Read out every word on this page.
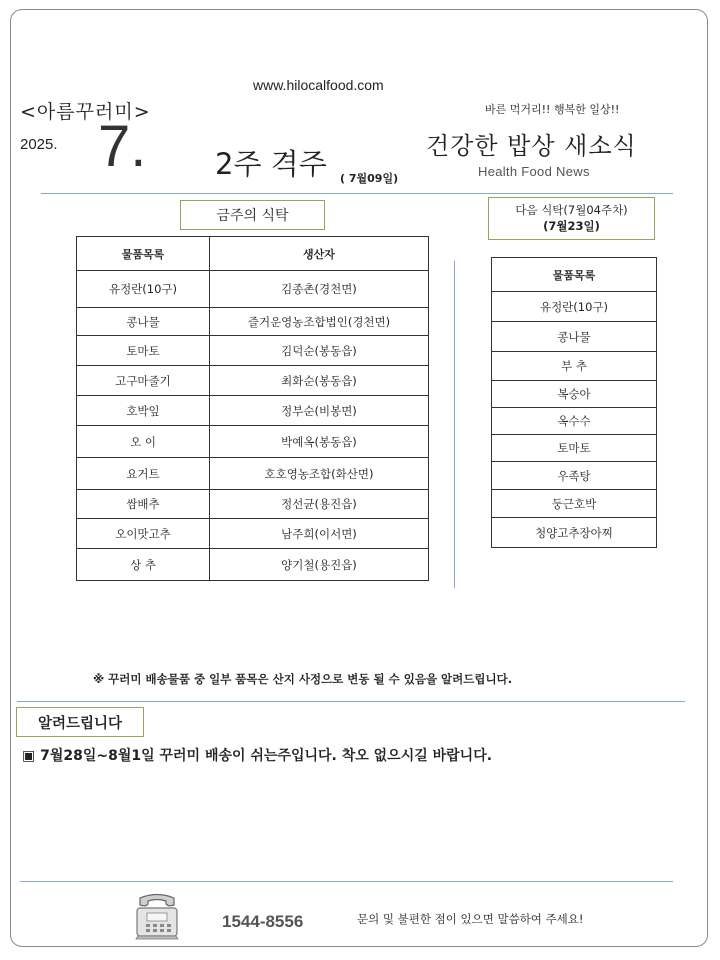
www.hilocalfood.com
<아름꾸러미>
2025. 7. 2주 격주 ( 7월09일)
바른 먹거리!! 행복한 일상!!
건강한 밥상 새소식
Health Food News
금주의 식탁	다음 식탁(7월04주차)
(7월23일)
물품목록	생산자
유정란(10구)	김종촌(경천면)
콩나물	즐거운영농조합법인(경천면)
토마토	김덕순(봉동읍)
고구마줄기	최화순(봉동읍)
호박잎	정부순(비봉면)
오 이	박예옥(봉동읍)
요거트	호호영농조합(화산면)
쌈배추	정선균(용진읍)
오이맛고추	남주희(이서면)
상 추	양기철(용진읍)
물품목록
유정란(10구)
콩나물
부 추
복숭아
옥수수
토마토
우족탕
둥근호박
청양고추장아찌
※ 꾸러미 배송물품 중 일부 품목은 산지 사정으로 변동 될 수 있음을 알려드립니다.
알려드립니다
▣ 7월28일~8월1일 꾸러미 배송이 쉬는주입니다. 착오 없으시길 바랍니다.
1544-8556	문의 및 불편한 점이 있으면 말씀하여 주세요!
